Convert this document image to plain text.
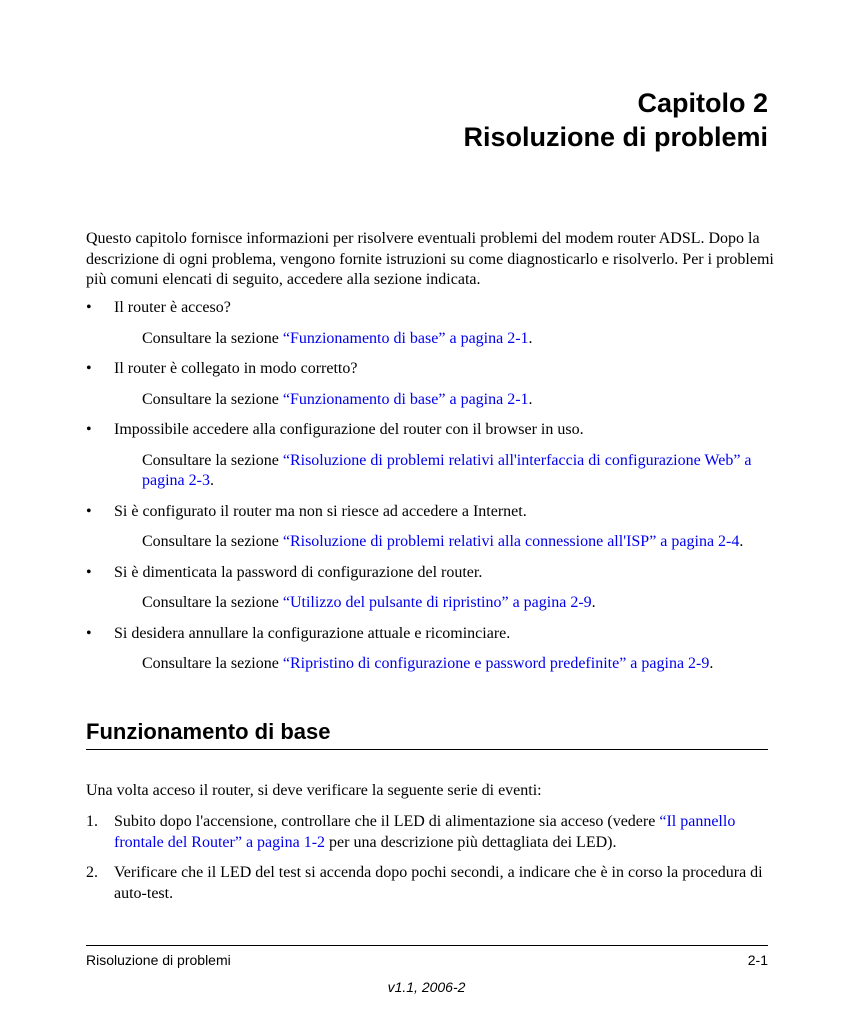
Capitolo 2
Risoluzione di problemi

Questo capitolo fornisce informazioni per risolvere eventuali problemi del modem router ADSL. Dopo la descrizione di ogni problema, vengono fornite istruzioni su come diagnosticarlo e risolverlo. Per i problemi più comuni elencati di seguito, accedere alla sezione indicata.

• Il router è acceso?
Consultare la sezione “Funzionamento di base” a pagina 2-1.
• Il router è collegato in modo corretto?
Consultare la sezione “Funzionamento di base” a pagina 2-1.
• Impossibile accedere alla configurazione del router con il browser in uso.
Consultare la sezione “Risoluzione di problemi relativi all'interfaccia di configurazione Web” a pagina 2-3.
• Si è configurato il router ma non si riesce ad accedere a Internet.
Consultare la sezione “Risoluzione di problemi relativi alla connessione all'ISP” a pagina 2-4.
• Si è dimenticata la password di configurazione del router.
Consultare la sezione “Utilizzo del pulsante di ripristino” a pagina 2-9.
• Si desidera annullare la configurazione attuale e ricominciare.
Consultare la sezione “Ripristino di configurazione e password predefinite” a pagina 2-9.
Funzionamento di base

Una volta acceso il router, si deve verificare la seguente serie di eventi:

1. Subito dopo l'accensione, controllare che il LED di alimentazione sia acceso (vedere “Il pannello frontale del Router” a pagina 1-2 per una descrizione più dettagliata dei LED).
2. Verificare che il LED del test si accenda dopo pochi secondi, a indicare che è in corso la procedura di auto-test.
Risoluzione di problemi	2-1
v1.1, 2006-2
